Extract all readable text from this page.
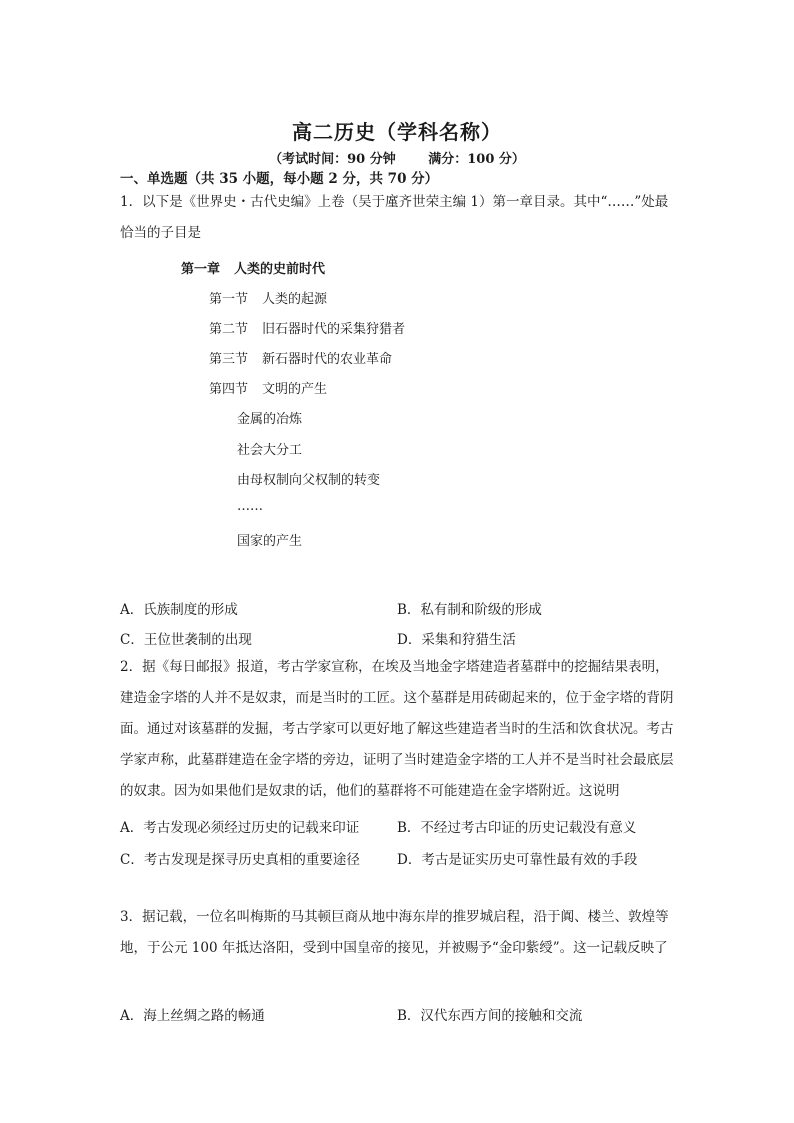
高二历史（学科名称）
（考试时间：90 分钟	满分：100 分）
一、单选题（共 35 小题，每小题 2 分，共 70 分）

1．以下是《世界史・古代史编》上卷（吴于廑齐世荣主编 1）第一章目录。其中“……”处最恰当的子目是

第一章 人类的史前时代
第一节 人类的起源
第二节 旧石器时代的采集狩猎者
第三节 新石器时代的农业革命
第四节 文明的产生
金属的冶炼
社会大分工
由母权制向父权制的转变
……
国家的产生
A．氏族制度的形成	B．私有制和阶级的形成
C．王位世袭制的出现	D．采集和狩猎生活

2．据《每日邮报》报道，考古学家宣称，在埃及当地金字塔建造者墓群中的挖掘结果表明，建造金字塔的人并不是奴隶，而是当时的工匠。这个墓群是用砖砌起来的，位于金字塔的背阴面。通过对该墓群的发掘，考古学家可以更好地了解这些建造者当时的生活和饮食状况。考古学家声称，此墓群建造在金字塔的旁边，证明了当时建造金字塔的工人并不是当时社会最底层的奴隶。因为如果他们是奴隶的话，他们的墓群将不可能建造在金字塔附近。这说明

A．考古发现必须经过历史的记载来印证	B．不经过考古印证的历史记载没有意义
C．考古发现是探寻历史真相的重要途径	D．考古是证实历史可靠性最有效的手段

3．据记载，一位名叫梅斯的马其顿巨商从地中海东岸的推罗城启程，沿于阗、楼兰、敦煌等地，于公元 100 年抵达洛阳，受到中国皇帝的接见，并被赐予“金印紫绶”。这一记载反映了

A．海上丝绸之路的畅通	B．汉代东西方间的接触和交流
